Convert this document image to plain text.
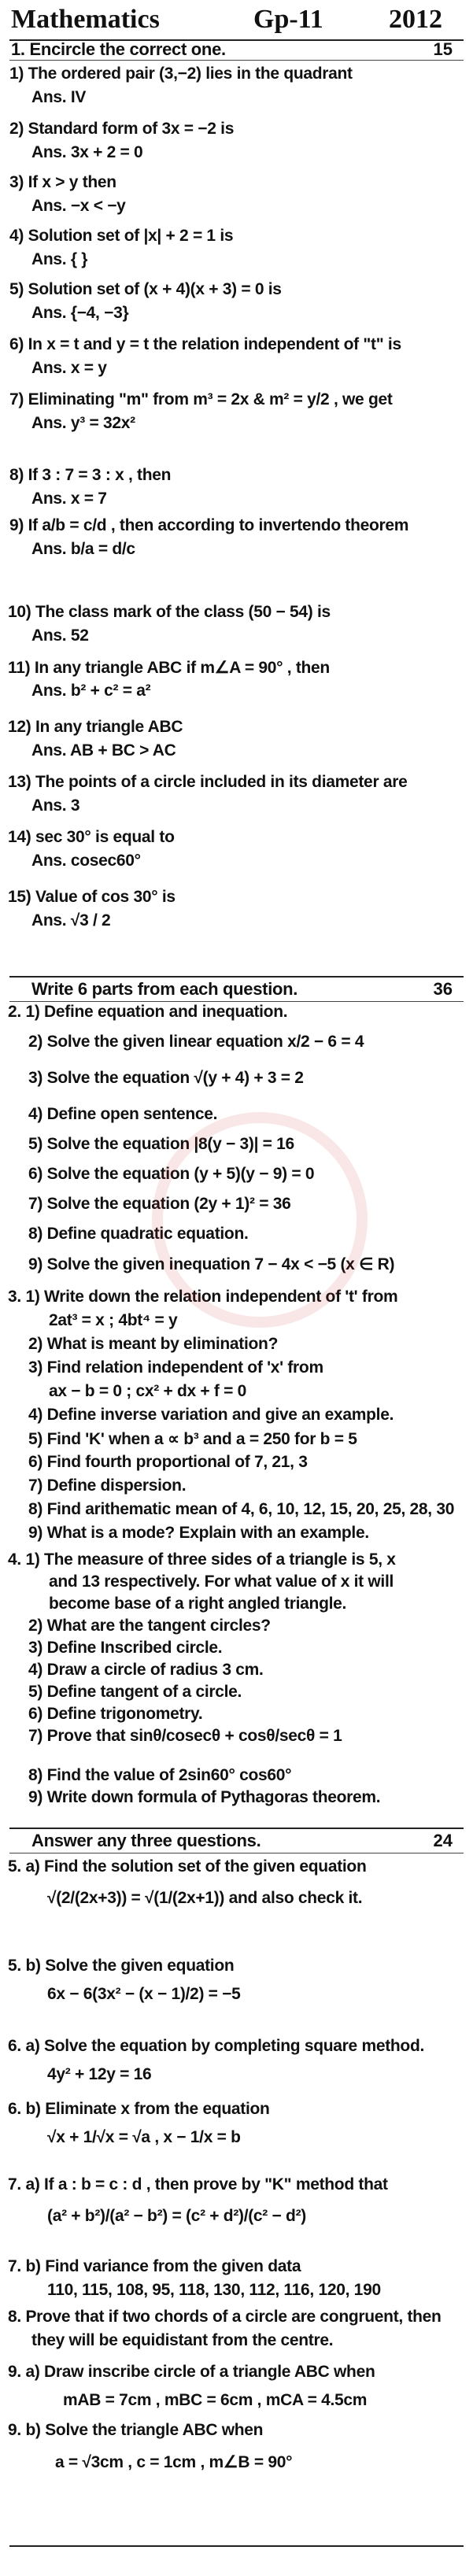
Mathematics	Gp-11 2012
1. Encircle the correct one.	15
1) The ordered pair (3,−2) lies in the quadrant
Ans. IV
2) Standard form of 3x = −2 is
Ans. 3x + 2 = 0
3) If x > y then
Ans. −x < −y
4) Solution set of |x| + 2 = 1 is
Ans. { }
5) Solution set of (x + 4)(x + 3) = 0 is
Ans. {−4, −3}
6) In x = t and y = t the relation independent of "t" is
Ans. x = y
7) Eliminating "m" from m³ = 2x & m² = y/2 , we get
Ans. y³ = 32x²
8) If 3 : 7 = 3 : x , then
Ans. x = 7
9) If a/b = c/d , then according to invertendo theorem
Ans. b/a = d/c
10) The class mark of the class (50 − 54) is
Ans. 52
11) In any triangle ABC if m∠A = 90° , then
Ans. b² + c² = a²
12) In any triangle ABC
Ans. AB + BC > AC
13) The points of a circle included in its diameter are
Ans. 3
14) sec 30° is equal to
Ans. cosec60°
15) Value of cos 30° is
Ans. √3 / 2
Write 6 parts from each question.	36
2. 1) Define equation and inequation.
2) Solve the given linear equation x/2 − 6 = 4
3) Solve the equation √(y + 4) + 3 = 2
4) Define open sentence.
5) Solve the equation |8(y − 3)| = 16
6) Solve the equation (y + 5)(y − 9) = 0
7) Solve the equation (2y + 1)² = 36
8) Define quadratic equation.
9) Solve the given inequation 7 − 4x < −5 (x ∈ R)
3. 1) Write down the relation independent of 't' from
2at³ = x ; 4bt⁴ = y
2) What is meant by elimination?
3) Find relation independent of 'x' from
ax − b = 0 ; cx² + dx + f = 0
4) Define inverse variation and give an example.
5) Find 'K' when a ∝ b³ and a = 250 for b = 5
6) Find fourth proportional of 7, 21, 3
7) Define dispersion.
8) Find arithematic mean of 4, 6, 10, 12, 15, 20, 25, 28, 30
9) What is a mode? Explain with an example.
4. 1) The measure of three sides of a triangle is 5, x
and 13 respectively. For what value of x it will
become base of a right angled triangle.
2) What are the tangent circles?
3) Define Inscribed circle.
4) Draw a circle of radius 3 cm.
5) Define tangent of a circle.
6) Define trigonometry.
7) Prove that sinθ/cosecθ + cosθ/secθ = 1
8) Find the value of 2sin60° cos60°
9) Write down formula of Pythagoras theorem.
Answer any three questions.	24
5. a) Find the solution set of the given equation
√(2/(2x+3)) = √(1/(2x+1)) and also check it.
5. b) Solve the given equation
6x − 6(3x² − (x − 1)/2) = −5
6. a) Solve the equation by completing square method.
4y² + 12y = 16
6. b) Eliminate x from the equation
√x + 1/√x = √a , x − 1/x = b
7. a) If a : b = c : d , then prove by "K" method that
(a² + b²)/(a² − b²) = (c² + d²)/(c² − d²)
7. b) Find variance from the given data
110, 115, 108, 95, 118, 130, 112, 116, 120, 190
8. Prove that if two chords of a circle are congruent, then
they will be equidistant from the centre.
9. a) Draw inscribe circle of a triangle ABC when
mAB = 7cm , mBC = 6cm , mCA = 4.5cm
9. b) Solve the triangle ABC when
a = √3cm , c = 1cm , m∠B = 90°
